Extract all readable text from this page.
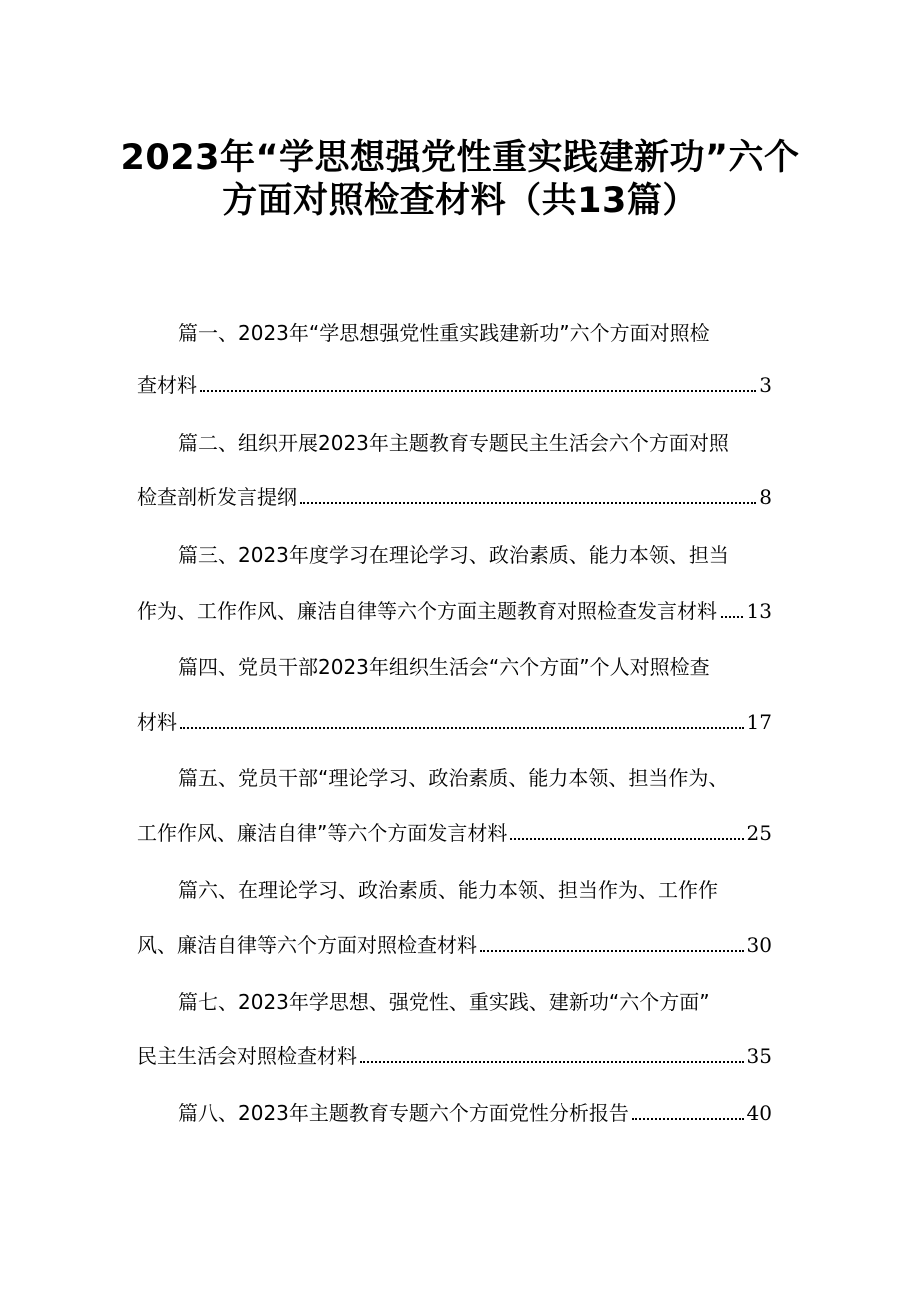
2023年“学思想强党性重实践建新功”六个
方面对照检查材料（共13篇）
篇一、2023年“学思想强党性重实践建新功”六个方面对照检
查材料	3
篇二、组织开展2023年主题教育专题民主生活会六个方面对照
检查剖析发言提纲	8
篇三、2023年度学习在理论学习、政治素质、能力本领、担当
作为、工作作风、廉洁自律等六个方面主题教育对照检查发言材料 13
篇四、党员干部2023年组织生活会“六个方面”个人对照检查
材料	17
篇五、党员干部“理论学习、政治素质、能力本领、担当作为、
工作作风、廉洁自律”等六个方面发言材料	25
篇六、在理论学习、政治素质、能力本领、担当作为、工作作
风、廉洁自律等六个方面对照检查材料	30
篇七、2023年学思想、强党性、重实践、建新功“六个方面”
民主生活会对照检查材料	35
篇八、2023年主题教育专题六个方面党性分析报告	40
